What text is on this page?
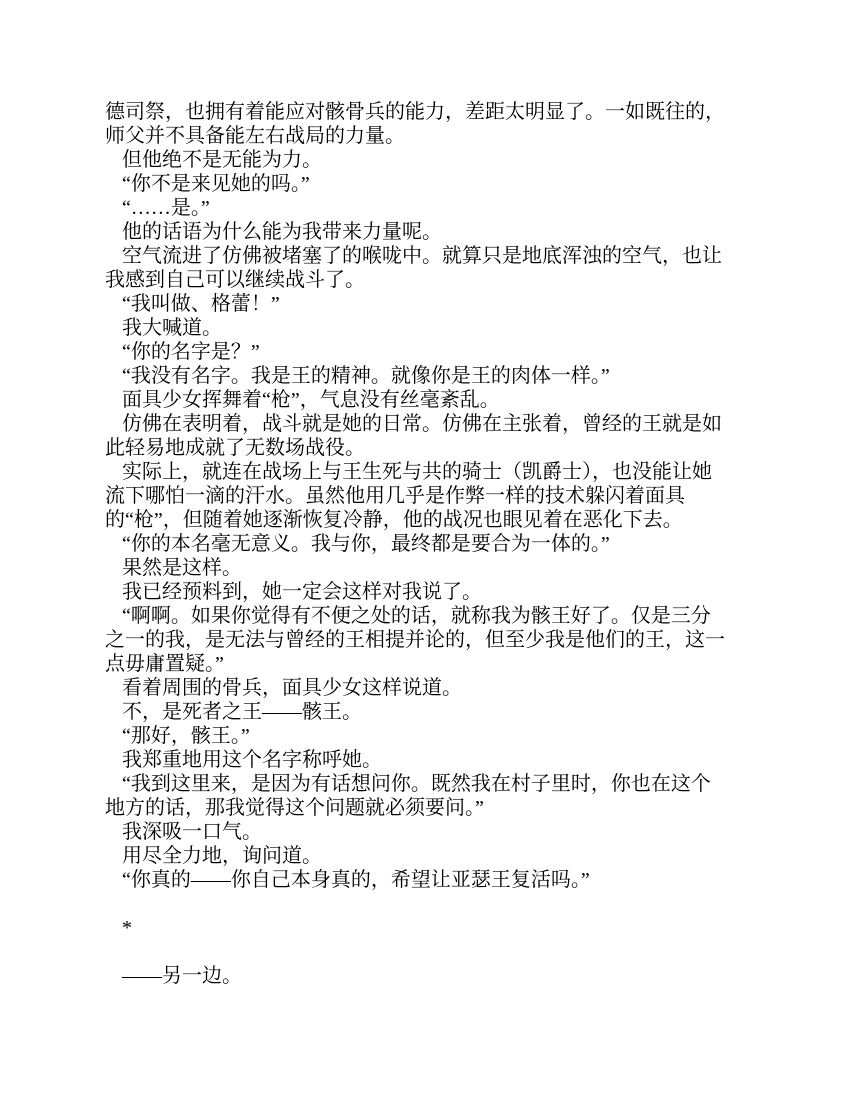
德司祭，也拥有着能应对骸骨兵的能力，差距太明显了。一如既往的，
师父并不具备能左右战局的力量。
但他绝不是无能为力。
“你不是来见她的吗。”
“……是。”
他的话语为什么能为我带来力量呢。
空气流进了仿佛被堵塞了的喉咙中。就算只是地底浑浊的空气，也让
我感到自己可以继续战斗了。
“我叫做、格蕾！”
我大喊道。
“你的名字是？”
“我没有名字。我是王的精神。就像你是王的肉体一样。”
面具少女挥舞着“枪”，气息没有丝毫紊乱。
仿佛在表明着，战斗就是她的日常。仿佛在主张着，曾经的王就是如
此轻易地成就了无数场战役。
实际上，就连在战场上与王生死与共的骑士（凯爵士），也没能让她
流下哪怕一滴的汗水。虽然他用几乎是作弊一样的技术躲闪着面具
的“枪”，但随着她逐渐恢复冷静，他的战况也眼见着在恶化下去。
“你的本名毫无意义。我与你，最终都是要合为一体的。”
果然是这样。
我已经预料到，她一定会这样对我说了。
“啊啊。如果你觉得有不便之处的话，就称我为骸王好了。仅是三分
之一的我，是无法与曾经的王相提并论的，但至少我是他们的王，这一
点毋庸置疑。”
看着周围的骨兵，面具少女这样说道。
不，是死者之王——骸王。
“那好，骸王。”
我郑重地用这个名字称呼她。
“我到这里来，是因为有话想问你。既然我在村子里时，你也在这个
地方的话，那我觉得这个问题就必须要问。”
我深吸一口气。
用尽全力地，询问道。
“你真的——你自己本身真的，希望让亚瑟王复活吗。”
*
——另一边。
